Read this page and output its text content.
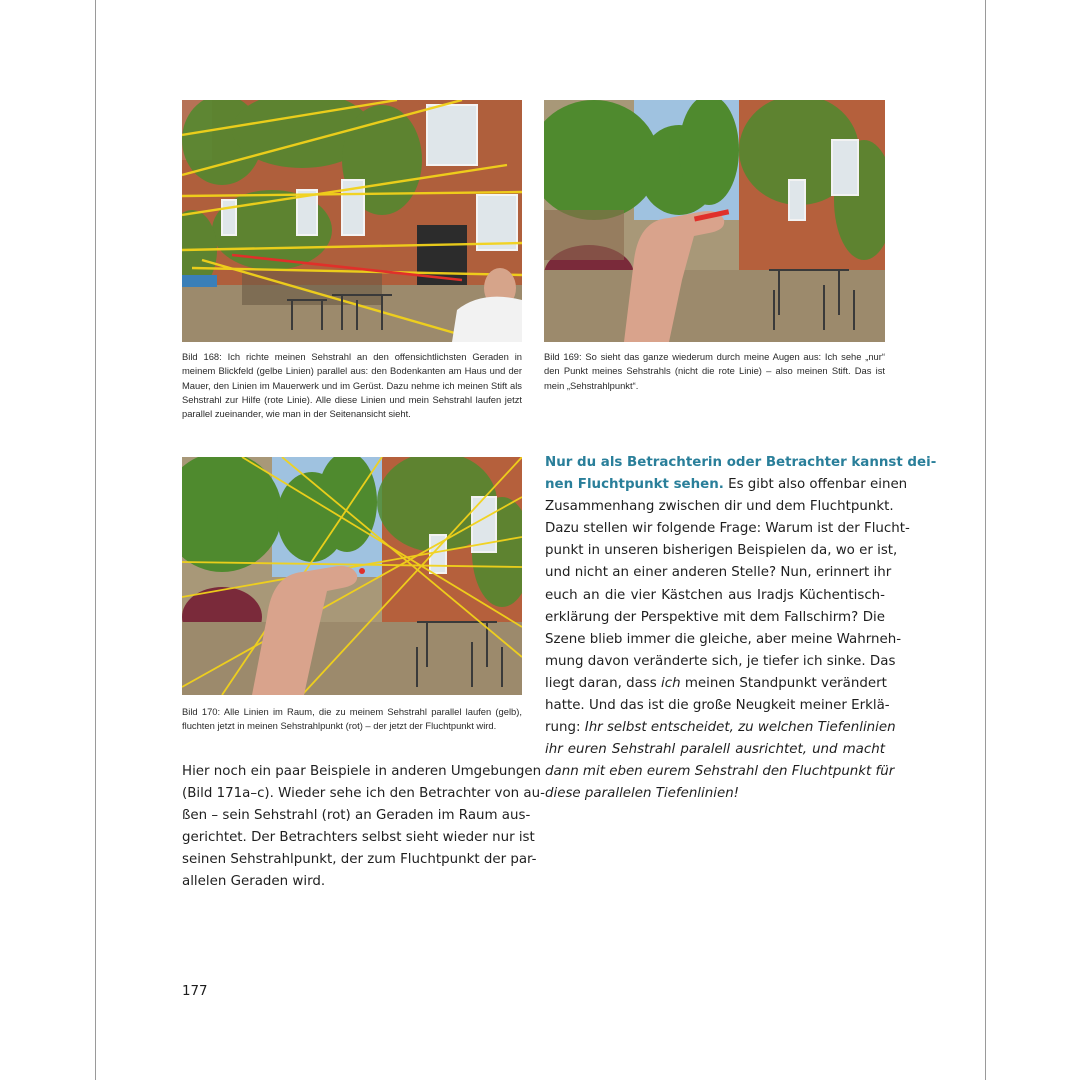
Bild 168: Ich richte meinen Sehstrahl an den offensichtlichsten Geraden in meinem Blickfeld (gelbe Linien) parallel aus: den Bodenkanten am Haus und der Mauer, den Linien im Mauerwerk und im Gerüst. Dazu nehme ich meinen Stift als Sehstrahl zur Hilfe (rote Linie). Alle diese Linien und mein Sehstrahl laufen jetzt parallel zueinander, wie man in der Seitenansicht sieht.
Bild 169: So sieht das ganze wiederum durch meine Augen aus: Ich sehe „nur“ den Punkt meines Sehstrahls (nicht die rote Linie) – also meinen Stift. Das ist mein „Sehstrahlpunkt“.
Bild 170: Alle Linien im Raum, die zu meinem Sehstrahl parallel laufen (gelb), fluchten jetzt in meinen Sehstrahlpunkt (rot) – der jetzt der Fluchtpunkt wird.
Nur du als Betrachterin oder Betrachter kannst dei-
nen Fluchtpunkt sehen. Es gibt also offenbar einen
Zusammenhang zwischen dir und dem Fluchtpunkt.
Dazu stellen wir folgende Frage: Warum ist der Flucht-
punkt in unseren bisherigen Beispielen da, wo er ist,
und nicht an einer anderen Stelle? Nun, erinnert ihr
euch an die vier Kästchen aus Iradjs Küchentisch-
erklärung der Perspektive mit dem Fallschirm? Die
Szene blieb immer die gleiche, aber meine Wahrneh-
mung davon veränderte sich, je tiefer ich sinke. Das
liegt daran, dass ich meinen Standpunkt verändert
hatte. Und das ist die große Neugkeit meiner Erklä-
rung: Ihr selbst entscheidet, zu welchen Tiefenlinien
ihr euren Sehstrahl paralell ausrichtet, und macht
dann mit eben eurem Sehstrahl den Fluchtpunkt für
diese parallelen Tiefenlinien!
Hier noch ein paar Beispiele in anderen Umgebungen
(Bild 171a–c). Wieder sehe ich den Betrachter von au-
ßen – sein Sehstrahl (rot) an Geraden im Raum aus-
gerichtet. Der Betrachters selbst sieht wieder nur ist
seinen Sehstrahlpunkt, der zum Fluchtpunkt der par-
allelen Geraden wird.
177
